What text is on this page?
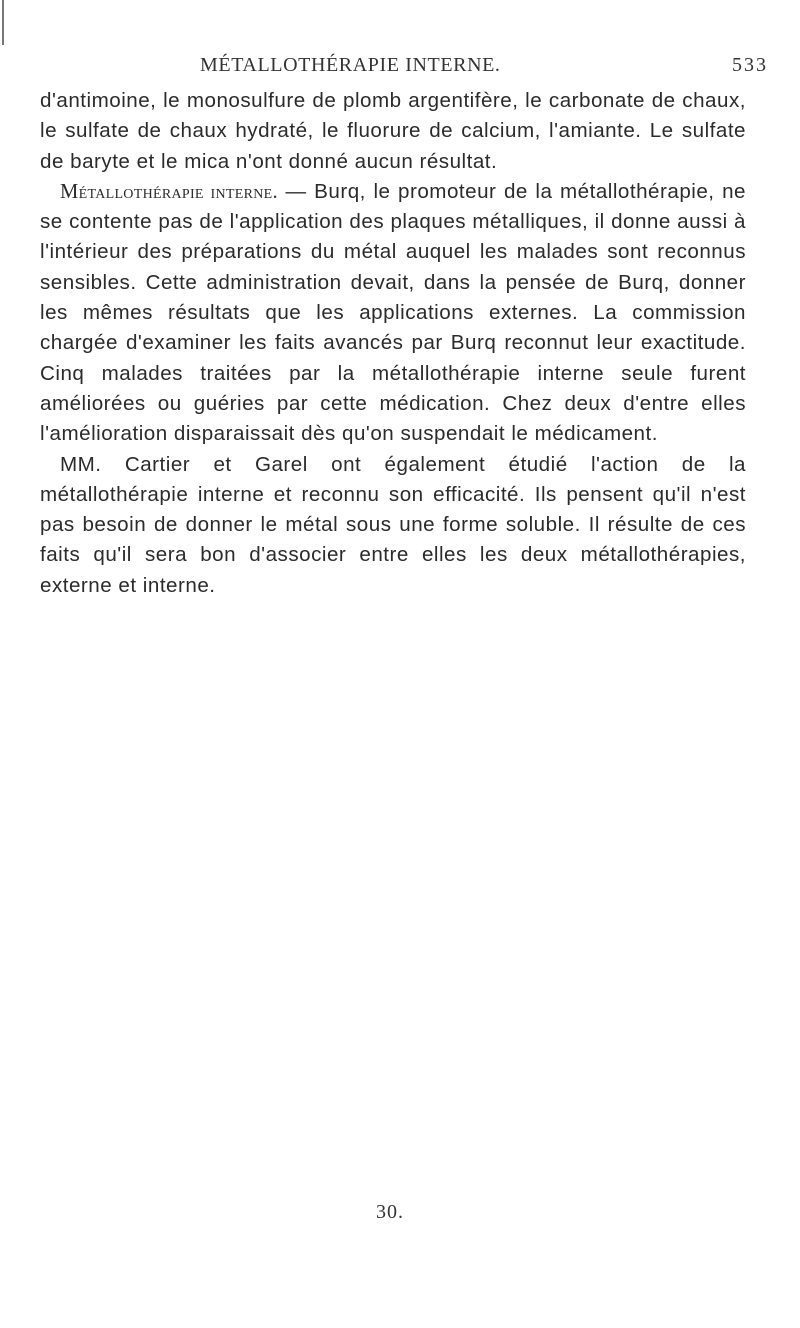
MÉTALLOTHÉRAPIE INTERNE.	533

d'antimoine, le monosulfure de plomb argentifère, le carbonate de chaux, le sulfate de chaux hydraté, le fluorure de calcium, l'amiante. Le sulfate de baryte et le mica n'ont donné aucun résultat.

Métallothérapie interne. — Burq, le promoteur de la métallothérapie, ne se contente pas de l'application des plaques métalliques, il donne aussi à l'intérieur des préparations du métal auquel les malades sont reconnus sensibles. Cette administration devait, dans la pensée de Burq, donner les mêmes résultats que les applications externes. La commission chargée d'examiner les faits avancés par Burq reconnut leur exactitude. Cinq malades traitées par la métallothérapie interne seule furent améliorées ou guéries par cette médication. Chez deux d'entre elles l'amélioration disparaissait dès qu'on suspendait le médicament.

MM. Cartier et Garel ont également étudié l'action de la métallothérapie interne et reconnu son efficacité. Ils pensent qu'il n'est pas besoin de donner le métal sous une forme soluble. Il résulte de ces faits qu'il sera bon d'associer entre elles les deux métallothérapies, externe et interne.

30.
